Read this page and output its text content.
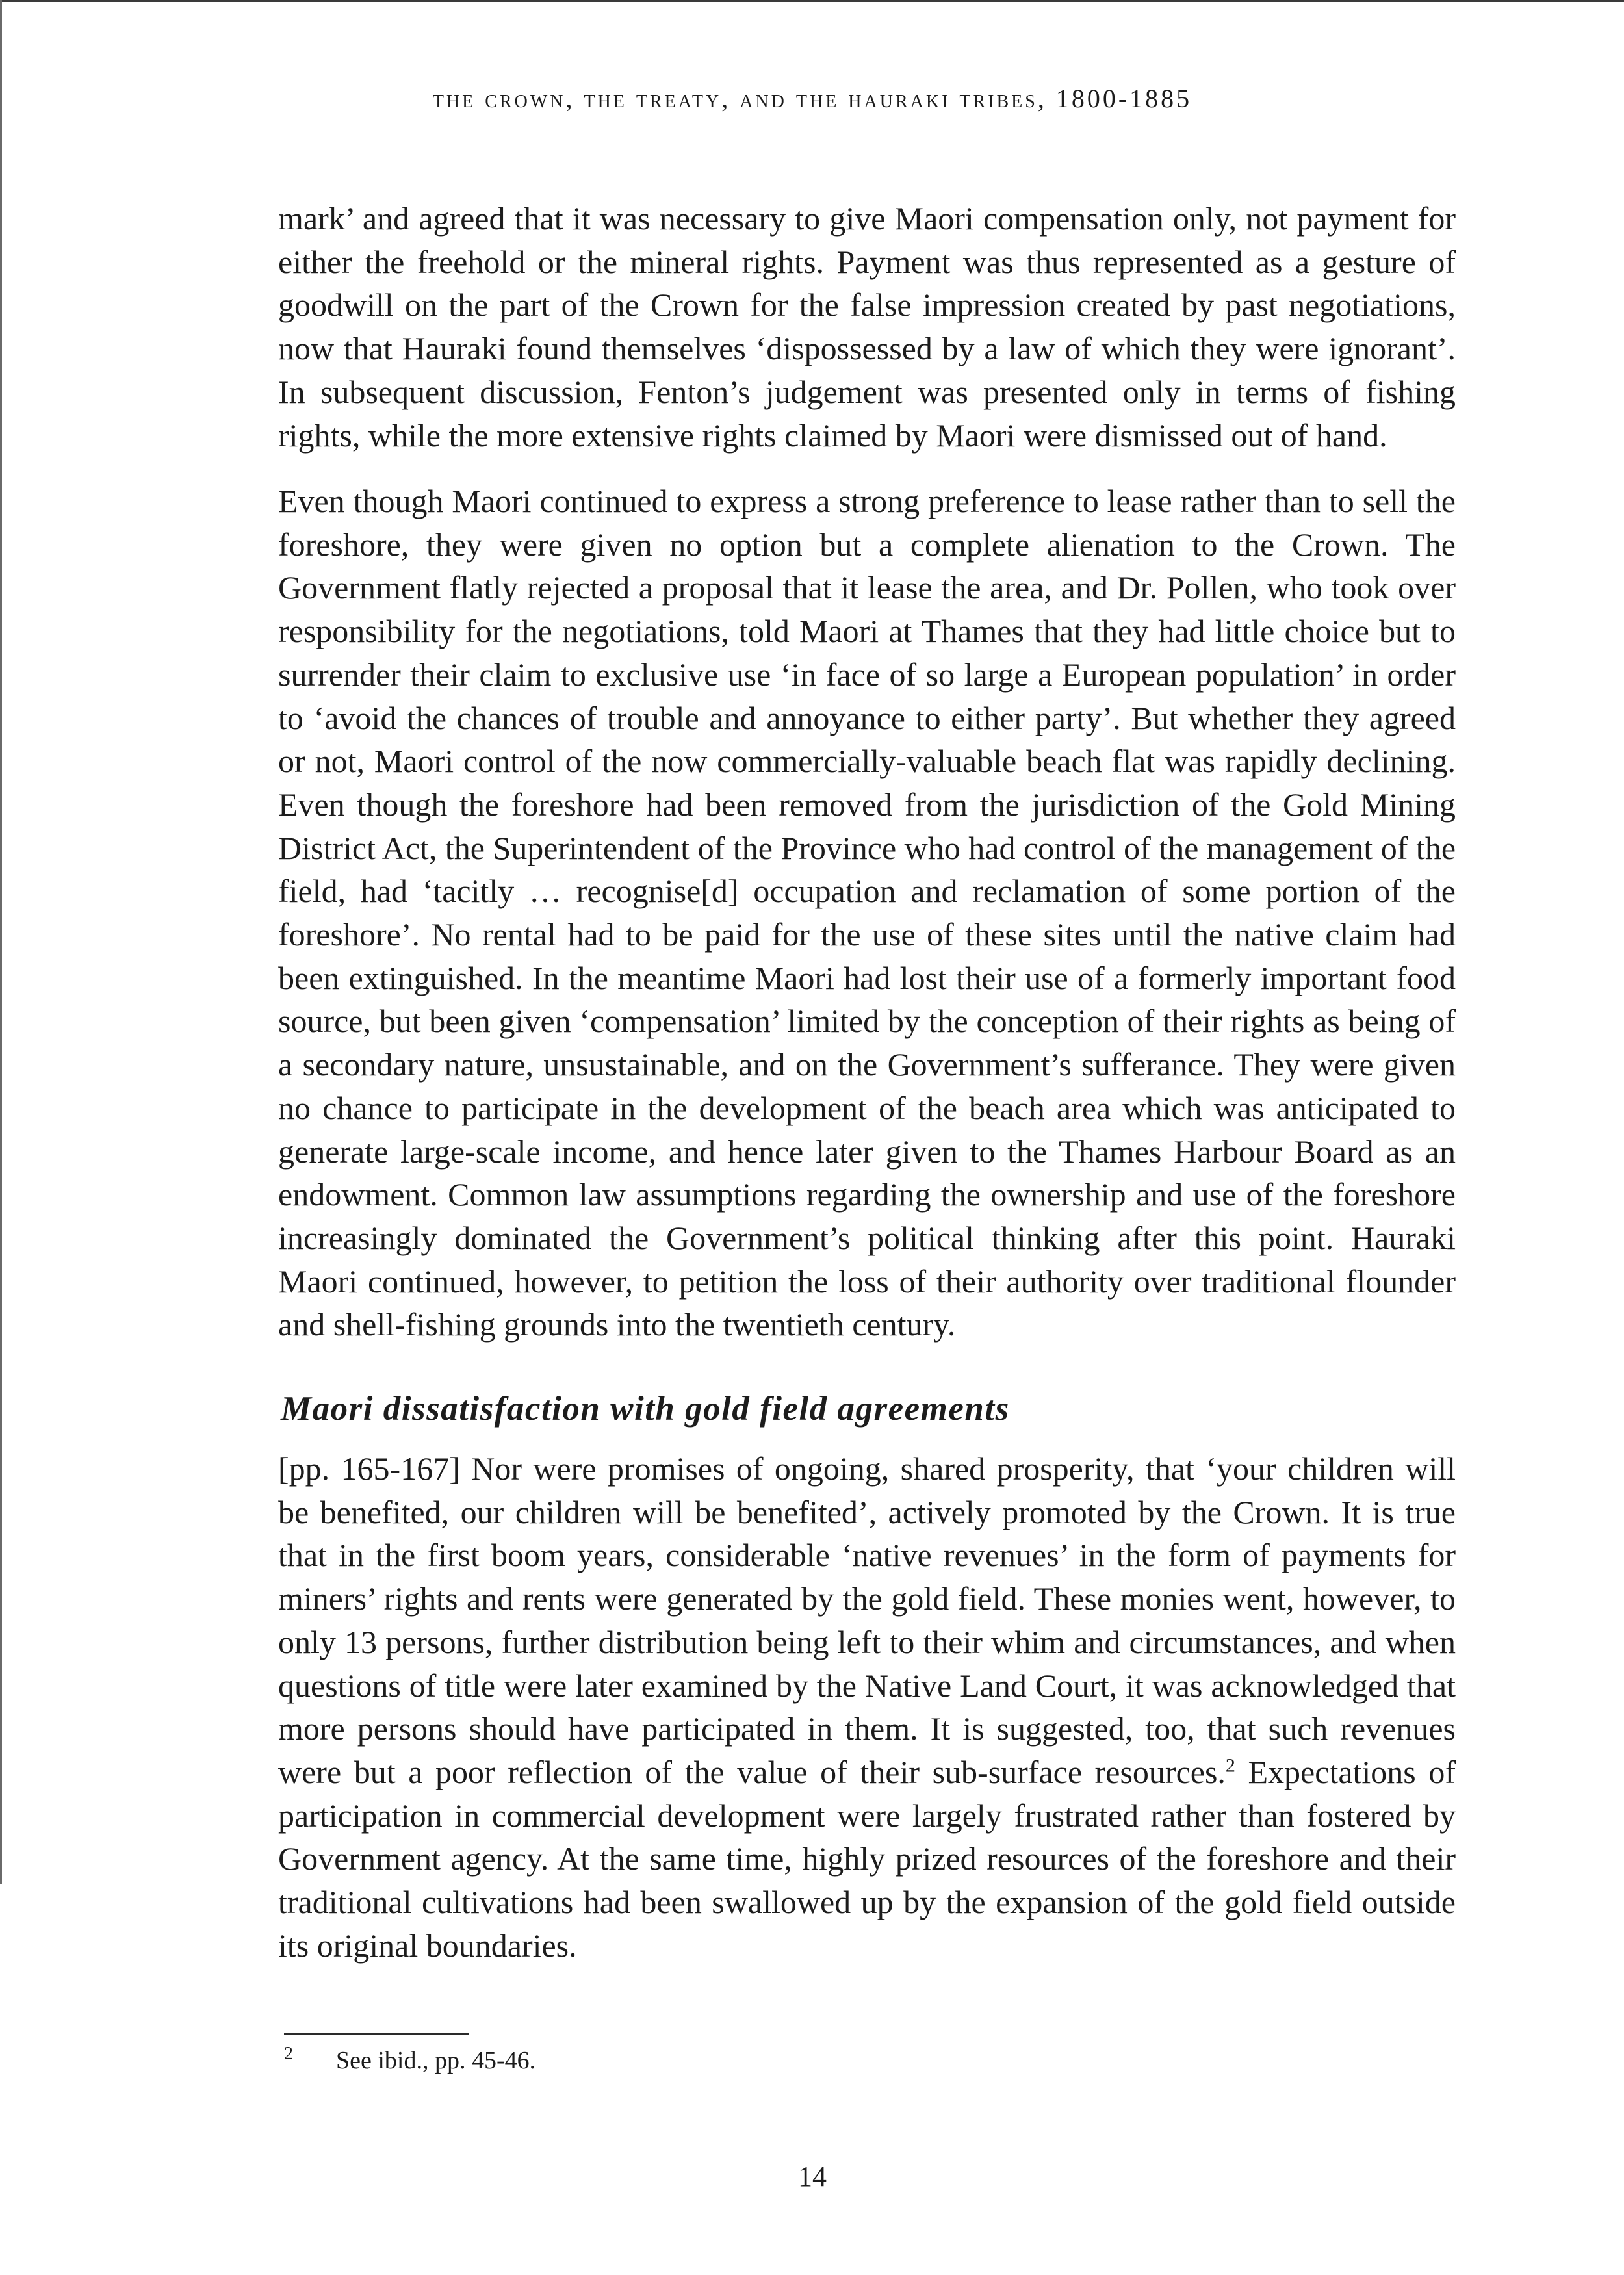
the crown, the treaty, and the hauraki tribes, 1800-1885

mark’ and agreed that it was necessary to give Maori compensation only, not payment for either the freehold or the mineral rights. Payment was thus represented as a gesture of goodwill on the part of the Crown for the false impression created by past negotiations, now that Hauraki found themselves ‘dispossessed by a law of which they were ignorant’. In subsequent discussion, Fenton’s judgement was presented only in terms of fishing rights, while the more extensive rights claimed by Maori were dismissed out of hand.

Even though Maori continued to express a strong preference to lease rather than to sell the foreshore, they were given no option but a complete alienation to the Crown. The Government flatly rejected a proposal that it lease the area, and Dr. Pollen, who took over responsibility for the negotiations, told Maori at Thames that they had little choice but to surrender their claim to exclusive use ‘in face of so large a European population’ in order to ‘avoid the chances of trouble and annoyance to either party’. But whether they agreed or not, Maori control of the now commercially-valuable beach flat was rapidly declining. Even though the foreshore had been removed from the jurisdiction of the Gold Mining District Act, the Superintendent of the Province who had control of the management of the field, had ‘tacitly … recognise[d] occupation and reclamation of some portion of the foreshore’. No rental had to be paid for the use of these sites until the native claim had been extinguished. In the meantime Maori had lost their use of a formerly important food source, but been given ‘compensation’ limited by the conception of their rights as being of a secondary nature, unsustainable, and on the Government’s sufferance. They were given no chance to participate in the development of the beach area which was anticipated to generate large-scale income, and hence later given to the Thames Harbour Board as an endowment. Common law assumptions regarding the ownership and use of the foreshore increasingly dominated the Government’s political thinking after this point. Hauraki Maori continued, however, to petition the loss of their authority over traditional flounder and shell-fishing grounds into the twentieth century.

Maori dissatisfaction with gold field agreements

[pp. 165-167] Nor were promises of ongoing, shared prosperity, that ‘your children will be benefited, our children will be benefited’, actively promoted by the Crown. It is true that in the first boom years, considerable ‘native revenues’ in the form of payments for miners’ rights and rents were generated by the gold field. These monies went, however, to only 13 persons, further distribution being left to their whim and circumstances, and when questions of title were later examined by the Native Land Court, it was acknowledged that more persons should have participated in them. It is suggested, too, that such revenues were but a poor reflection of the value of their sub-surface resources.$^2$ Expectations of participation in commercial development were largely frustrated rather than fostered by Government agency. At the same time, highly prized resources of the foreshore and their traditional cultivations had been swallowed up by the expansion of the gold field outside its original boundaries.

2 See ibid., pp. 45-46.
14
